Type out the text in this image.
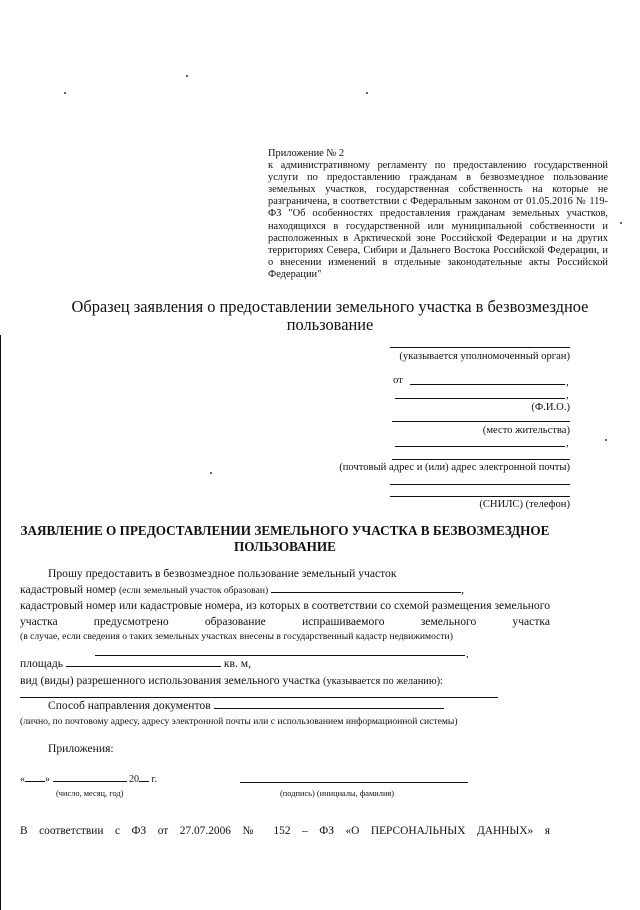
Приложение № 2
к административному регламенту по предоставлению государственной услуги по предоставлению гражданам в безвозмездное пользование земельных участков, государственная собственность на которые не разграничена, в соответствии с Федеральным законом от 01.05.2016 № 119-ФЗ "Об особенностях предоставления гражданам земельных участков, находящихся в государственной или муниципальной собственности и расположенных в Арктической зоне Российской Федерации и на других территориях Севера, Сибири и Дальнего Востока Российской Федерации, и о внесении изменений в отдельные законодательные акты Российской Федерации"
Образец заявления о предоставлении земельного участка в безвозмездное пользование
(указывается уполномоченный орган)
от	,
,
(Ф.И.О.)
(место жительства)
,
(почтовый адрес и (или) адрес электронной почты)
(СНИЛС) (телефон)
ЗАЯВЛЕНИЕ О ПРЕДОСТАВЛЕНИИ ЗЕМЕЛЬНОГО УЧАСТКА В БЕЗВОЗМЕЗДНОЕ ПОЛЬЗОВАНИЕ
Прошу предоставить в безвозмездное пользование земельный участок
кадастровый номер (если земельный участок образован)	,
кадастровый номер или кадастровые номера, из которых в соответствии со схемой размещения земельного участка предусмотрено образование испрашиваемого земельного участка
(в случае, если сведения о таких земельных участках внесены в государственный кадастр недвижимости)
,
площадь	кв. м,
вид (виды) разрешенного использования земельного участка (указывается по желанию):
Способ направления документов
(лично, по почтовому адресу, адресу электронной почты или с использованием информационной системы)
Приложения:
« »	20 г.
(число, месяц, год)	(подпись) (инициалы, фамилия)
В соответствии с ФЗ от 27.07.2006 № 152 – ФЗ «О ПЕРСОНАЛЬНЫХ ДАННЫХ» я
